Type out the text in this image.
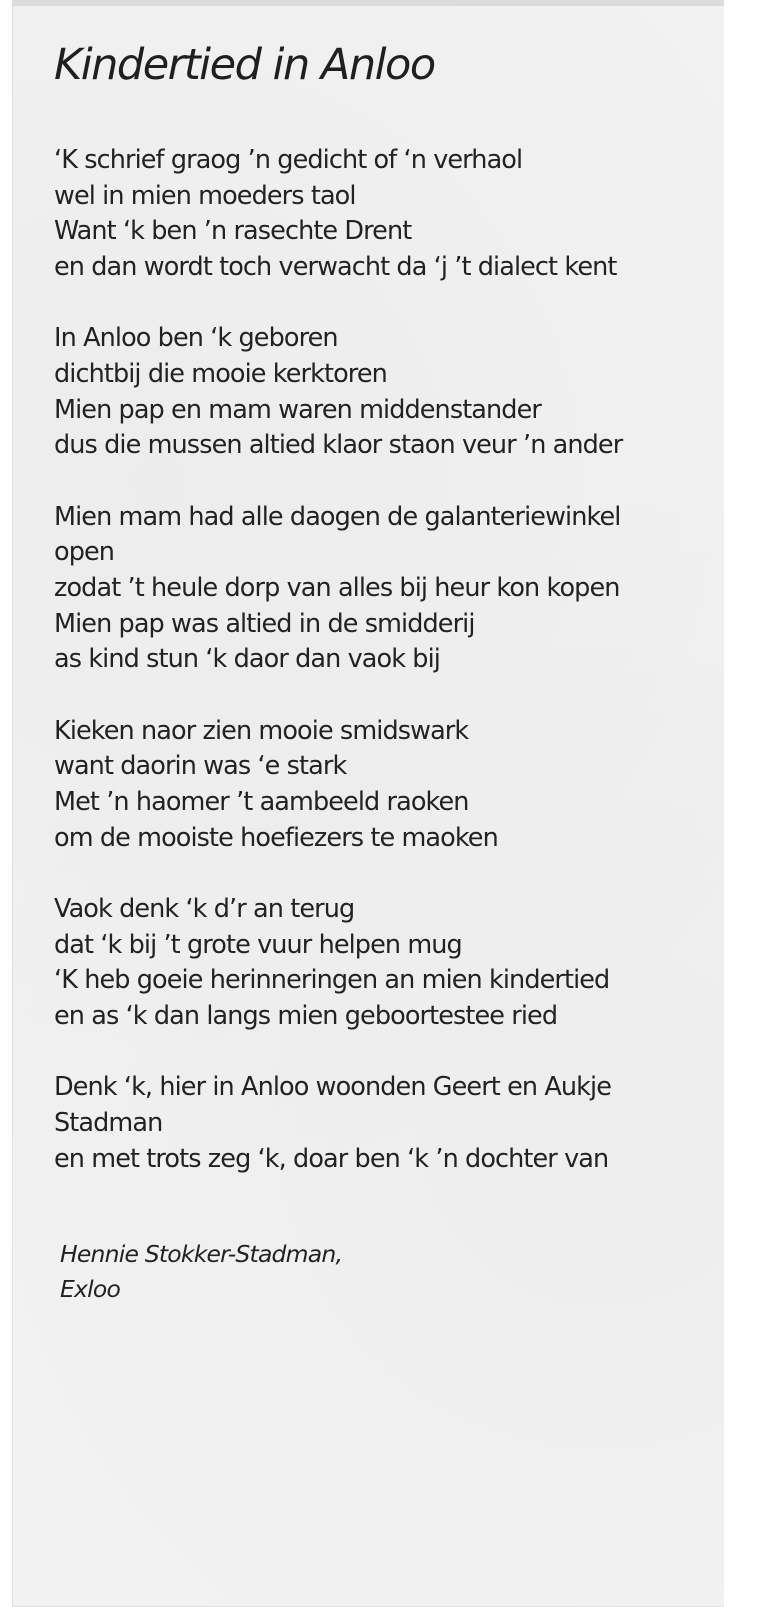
Kindertied in Anloo
‘K schrief graog ’n gedicht of ‘n verhaol
wel in mien moeders taol
Want ‘k ben ’n rasechte Drent
en dan wordt toch verwacht da ‘j ’t dialect kent
In Anloo ben ‘k geboren
dichtbij die mooie kerktoren
Mien pap en mam waren middenstander
dus die mussen altied klaor staon veur ’n ander
Mien mam had alle daogen de galanteriewinkel
open
zodat ’t heule dorp van alles bij heur kon kopen
Mien pap was altied in de smidderij
as kind stun ‘k daor dan vaok bij
Kieken naor zien mooie smidswark
want daorin was ‘e stark
Met ’n haomer ’t aambeeld raoken
om de mooiste hoefiezers te maoken
Vaok denk ‘k d’r an terug
dat ‘k bij ’t grote vuur helpen mug
‘K heb goeie herinneringen an mien kindertied
en as ‘k dan langs mien geboortestee ried
Denk ‘k, hier in Anloo woonden Geert en Aukje
Stadman
en met trots zeg ‘k, doar ben ‘k ’n dochter van
Hennie Stokker-Stadman,
Exloo
